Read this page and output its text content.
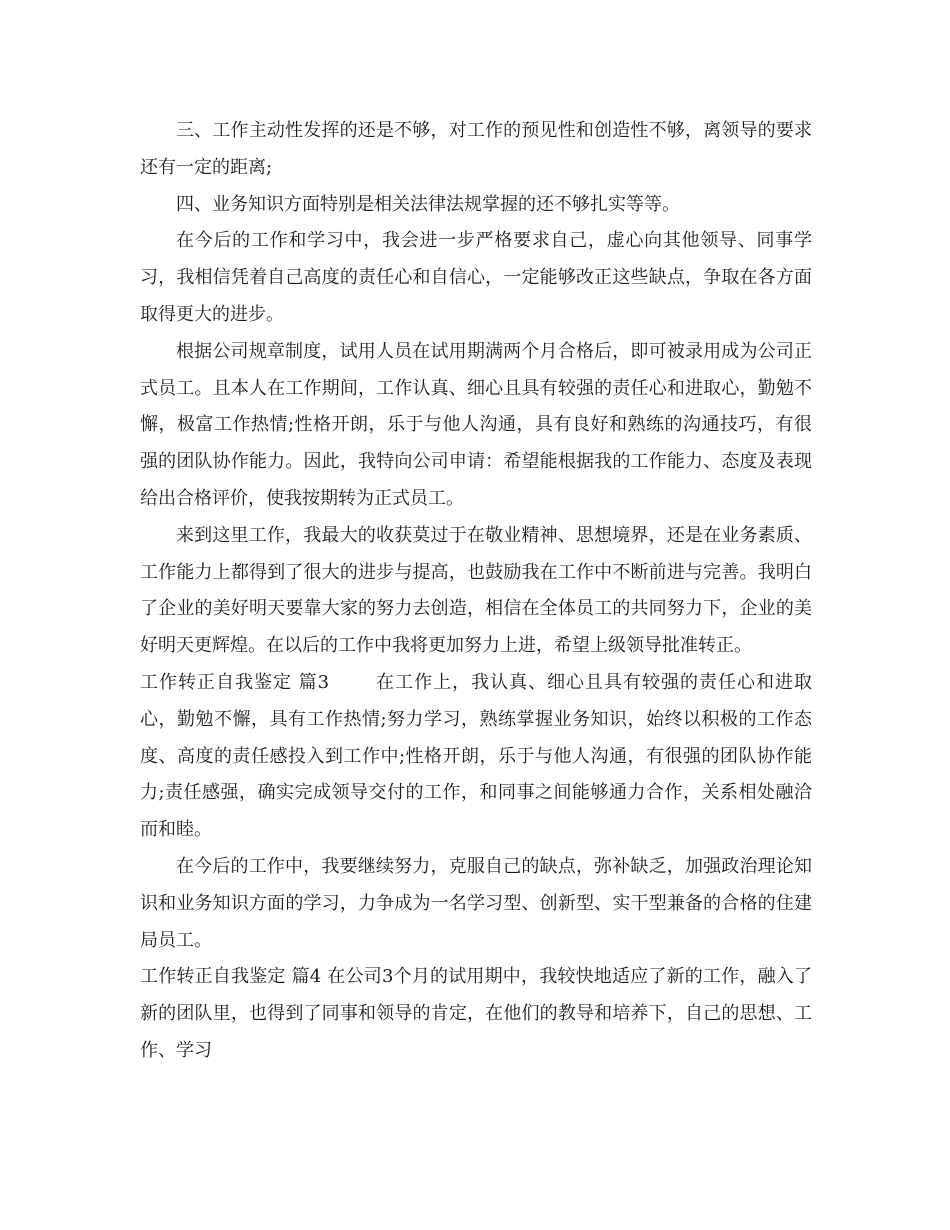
三、工作主动性发挥的还是不够，对工作的预见性和创造性不够，离领导的要求还有一定的距离;

四、业务知识方面特别是相关法律法规掌握的还不够扎实等等。

在今后的工作和学习中，我会进一步严格要求自己，虚心向其他领导、同事学习，我相信凭着自己高度的责任心和自信心，一定能够改正这些缺点，争取在各方面取得更大的进步。

根据公司规章制度，试用人员在试用期满两个月合格后，即可被录用成为公司正式员工。且本人在工作期间，工作认真、细心且具有较强的责任心和进取心，勤勉不懈，极富工作热情;性格开朗，乐于与他人沟通，具有良好和熟练的沟通技巧，有很强的团队协作能力。因此，我特向公司申请：希望能根据我的工作能力、态度及表现给出合格评价，使我按期转为正式员工。

来到这里工作，我最大的收获莫过于在敬业精神、思想境界，还是在业务素质、工作能力上都得到了很大的进步与提高，也鼓励我在工作中不断前进与完善。我明白了企业的美好明天要靠大家的努力去创造，相信在全体员工的共同努力下，企业的美好明天更辉煌。在以后的工作中我将更加努力上进，希望上级领导批准转正。

工作转正自我鉴定 篇3	在工作上，我认真、细心且具有较强的责任心和进取心，勤勉不懈，具有工作热情;努力学习，熟练掌握业务知识，始终以积极的工作态度、高度的责任感投入到工作中;性格开朗，乐于与他人沟通，有很强的团队协作能力;责任感强，确实完成领导交付的工作，和同事之间能够通力合作，关系相处融洽而和睦。

在今后的工作中，我要继续努力，克服自己的缺点，弥补缺乏，加强政治理论知识和业务知识方面的学习，力争成为一名学习型、创新型、实干型兼备的合格的住建局员工。

工作转正自我鉴定 篇4 在公司3个月的试用期中，我较快地适应了新的工作，融入了新的团队里，也得到了同事和领导的肯定，在他们的教导和培养下，自己的思想、工作、学习
